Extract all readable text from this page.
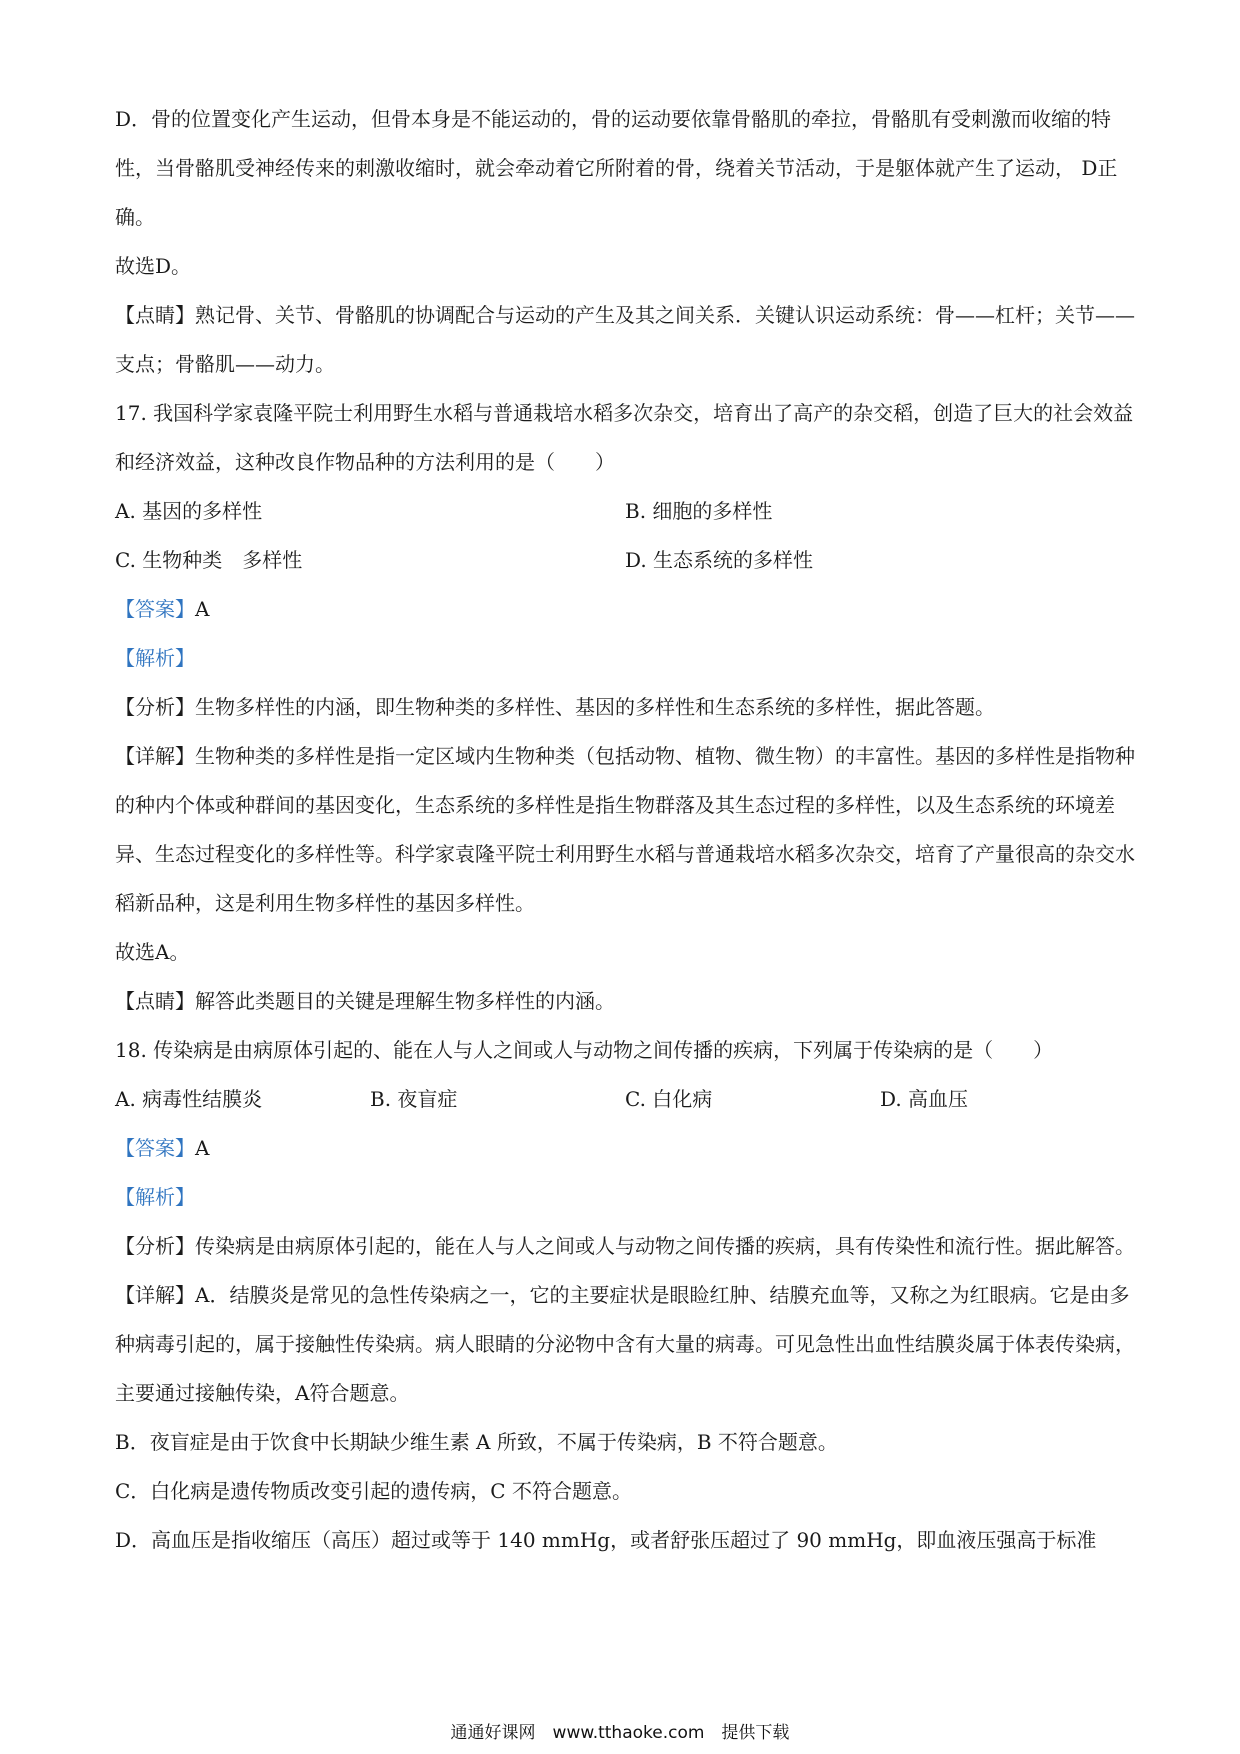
D．骨的位置变化产生运动，但骨本身是不能运动的，骨的运动要依靠骨骼肌的牵拉，骨骼肌有受刺激而收缩的特性，当骨骼肌受神经传来的刺激收缩时，就会牵动着它所附着的骨，绕着关节活动，于是躯体就产生了运动， D正确。
故选D。
【点睛】熟记骨、关节、骨骼肌的协调配合与运动的产生及其之间关系．关键认识运动系统：骨——杠杆；关节——支点；骨骼肌——动力。
17. 我国科学家袁隆平院士利用野生水稻与普通栽培水稻多次杂交，培育出了高产的杂交稻，创造了巨大的社会效益和经济效益，这种改良作物品种的方法利用的是（　　）
A. 基因的多样性	B. 细胞的多样性
C. 生物种类　多样性	D. 生态系统的多样性
【答案】A
【解析】
【分析】生物多样性的内涵，即生物种类的多样性、基因的多样性和生态系统的多样性，据此答题。
【详解】生物种类的多样性是指一定区域内生物种类（包括动物、植物、微生物）的丰富性。基因的多样性是指物种的种内个体或种群间的基因变化，生态系统的多样性是指生物群落及其生态过程的多样性，以及生态系统的环境差异、生态过程变化的多样性等。科学家袁隆平院士利用野生水稻与普通栽培水稻多次杂交，培育了产量很高的杂交水稻新品种，这是利用生物多样性的基因多样性。
故选A。
【点睛】解答此类题目的关键是理解生物多样性的内涵。
18. 传染病是由病原体引起的、能在人与人之间或人与动物之间传播的疾病，下列属于传染病的是（　　）
A. 病毒性结膜炎	B. 夜盲症	C. 白化病	D. 高血压
【答案】A
【解析】
【分析】传染病是由病原体引起的，能在人与人之间或人与动物之间传播的疾病，具有传染性和流行性。据此解答。
【详解】A．结膜炎是常见的急性传染病之一，它的主要症状是眼睑红肿、结膜充血等，又称之为红眼病。它是由多种病毒引起的，属于接触性传染病。病人眼睛的分泌物中含有大量的病毒。可见急性出血性结膜炎属于体表传染病，主要通过接触传染，A符合题意。
B．夜盲症是由于饮食中长期缺少维生素 A 所致，不属于传染病，B 不符合题意。
C．白化病是遗传物质改变引起的遗传病，C 不符合题意。
D．高血压是指收缩压（高压）超过或等于 140 mmHg，或者舒张压超过了 90 mmHg，即血液压强高于标准
通通好课网　www.tthaoke.com　提供下载
